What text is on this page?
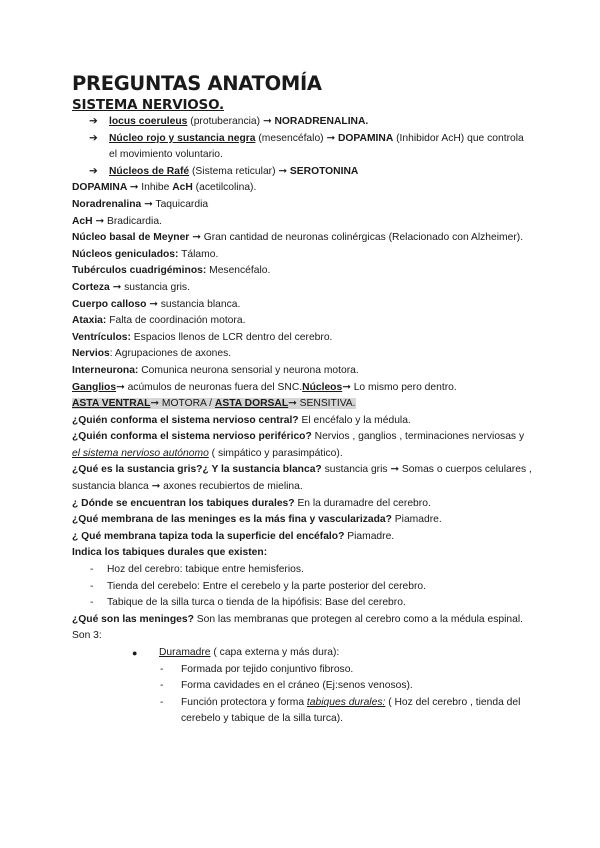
PREGUNTAS ANATOMÍA
SISTEMA NERVIOSO.
➔ locus coeruleus (protuberancia) ➞ NORADRENALINA.
➔ Núcleo rojo y sustancia negra (mesencéfalo) ➞ DOPAMINA (Inhibidor AcH) que controla el movimiento voluntario.
➔ Núcleos de Rafé (Sistema reticular) ➞ SEROTONINA
DOPAMINA ➞ Inhibe AcH (acetilcolina).
Noradrenalina ➞ Taquicardia
AcH ➞ Bradicardia.
Núcleo basal de Meyner ➞ Gran cantidad de neuronas colinérgicas (Relacionado con Alzheimer).
Núcleos geniculados: Tálamo.
Tubérculos cuadrigéminos: Mesencéfalo.
Corteza ➞ sustancia gris.
Cuerpo calloso ➞ sustancia blanca.
Ataxia: Falta de coordinación motora.
Ventrículos: Espacios llenos de LCR dentro del cerebro.
Nervios: Agrupaciones de axones.
Interneurona: Comunica neurona sensorial y neurona motora.
Ganglios➞ acúmulos de neuronas fuera del SNC.Núcleos➞ Lo mismo pero dentro.
ASTA VENTRAL➞ MOTORA / ASTA DORSAL➞ SENSITIVA.
¿Quién conforma el sistema nervioso central? El encéfalo y la médula.
¿Quién conforma el sistema nervioso periférico? Nervios , ganglios , terminaciones nerviosas y el sistema nervioso autónomo ( simpático y parasimpático).
¿Qué es la sustancia gris?¿ Y la sustancia blanca? sustancia gris ➞ Somas o cuerpos celulares , sustancia blanca ➞ axones recubiertos de mielina.
¿ Dónde se encuentran los tabiques durales? En la duramadre del cerebro.
¿Qué membrana de las meninges es la más fina y vascularizada? Piamadre.
¿ Qué membrana tapiza toda la superficie del encéfalo? Piamadre.
Indica los tabiques durales que existen:
- Hoz del cerebro: tabique entre hemisferios.
- Tienda del cerebelo: Entre el cerebelo y la parte posterior del cerebro.
- Tabique de la silla turca o tienda de la hipófisis: Base del cerebro.
¿Qué son las meninges? Son las membranas que protegen al cerebro como a la médula espinal. Son 3:
● Duramadre ( capa externa y más dura):
- Formada por tejido conjuntivo fibroso.
- Forma cavidades en el cráneo (Ej:senos venosos).
- Función protectora y forma tabiques durales: ( Hoz del cerebro , tienda del cerebelo y tabique de la silla turca).
